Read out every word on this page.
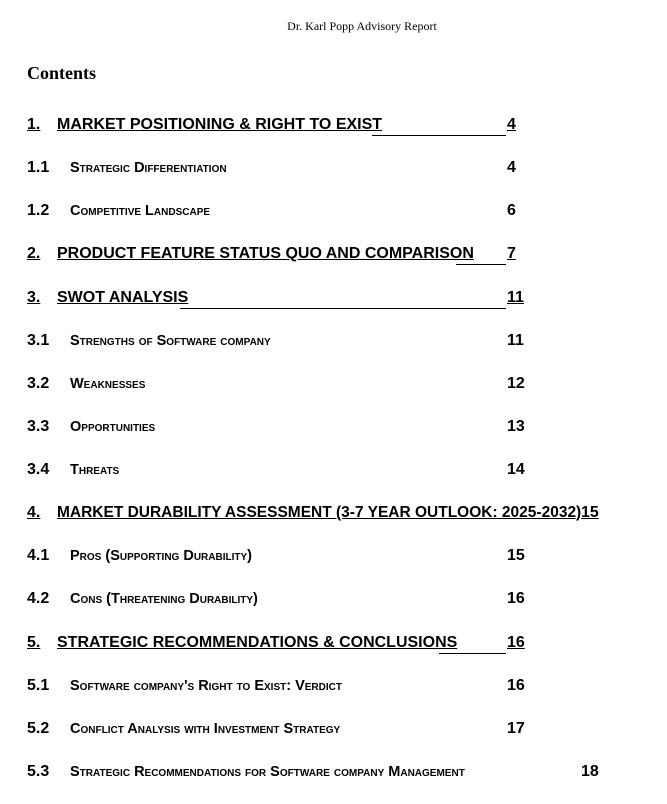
Dr. Karl Popp Advisory Report
Contents
1. MARKET POSITIONING & RIGHT TO EXIST	4
1.1 Strategic Differentiation	4
1.2 Competitive Landscape	6
2. PRODUCT FEATURE STATUS QUO AND COMPARISON 7
3. SWOT ANALYSIS	11
3.1 Strengths of Software company	11
3.2 Weaknesses	12
3.3 Opportunities	13
3.4 Threats	14
4. MARKET DURABILITY ASSESSMENT (3-7 YEAR OUTLOOK: 2025-2032) 15
4.1 Pros (Supporting Durability)	15
4.2 Cons (Threatening Durability)	16
5. STRATEGIC RECOMMENDATIONS & CONCLUSIONS	16
5.1 Software company's Right to Exist: Verdict	16
5.2 Conflict Analysis with Investment Strategy	17
5.3 Strategic Recommendations for Software company Management	18
